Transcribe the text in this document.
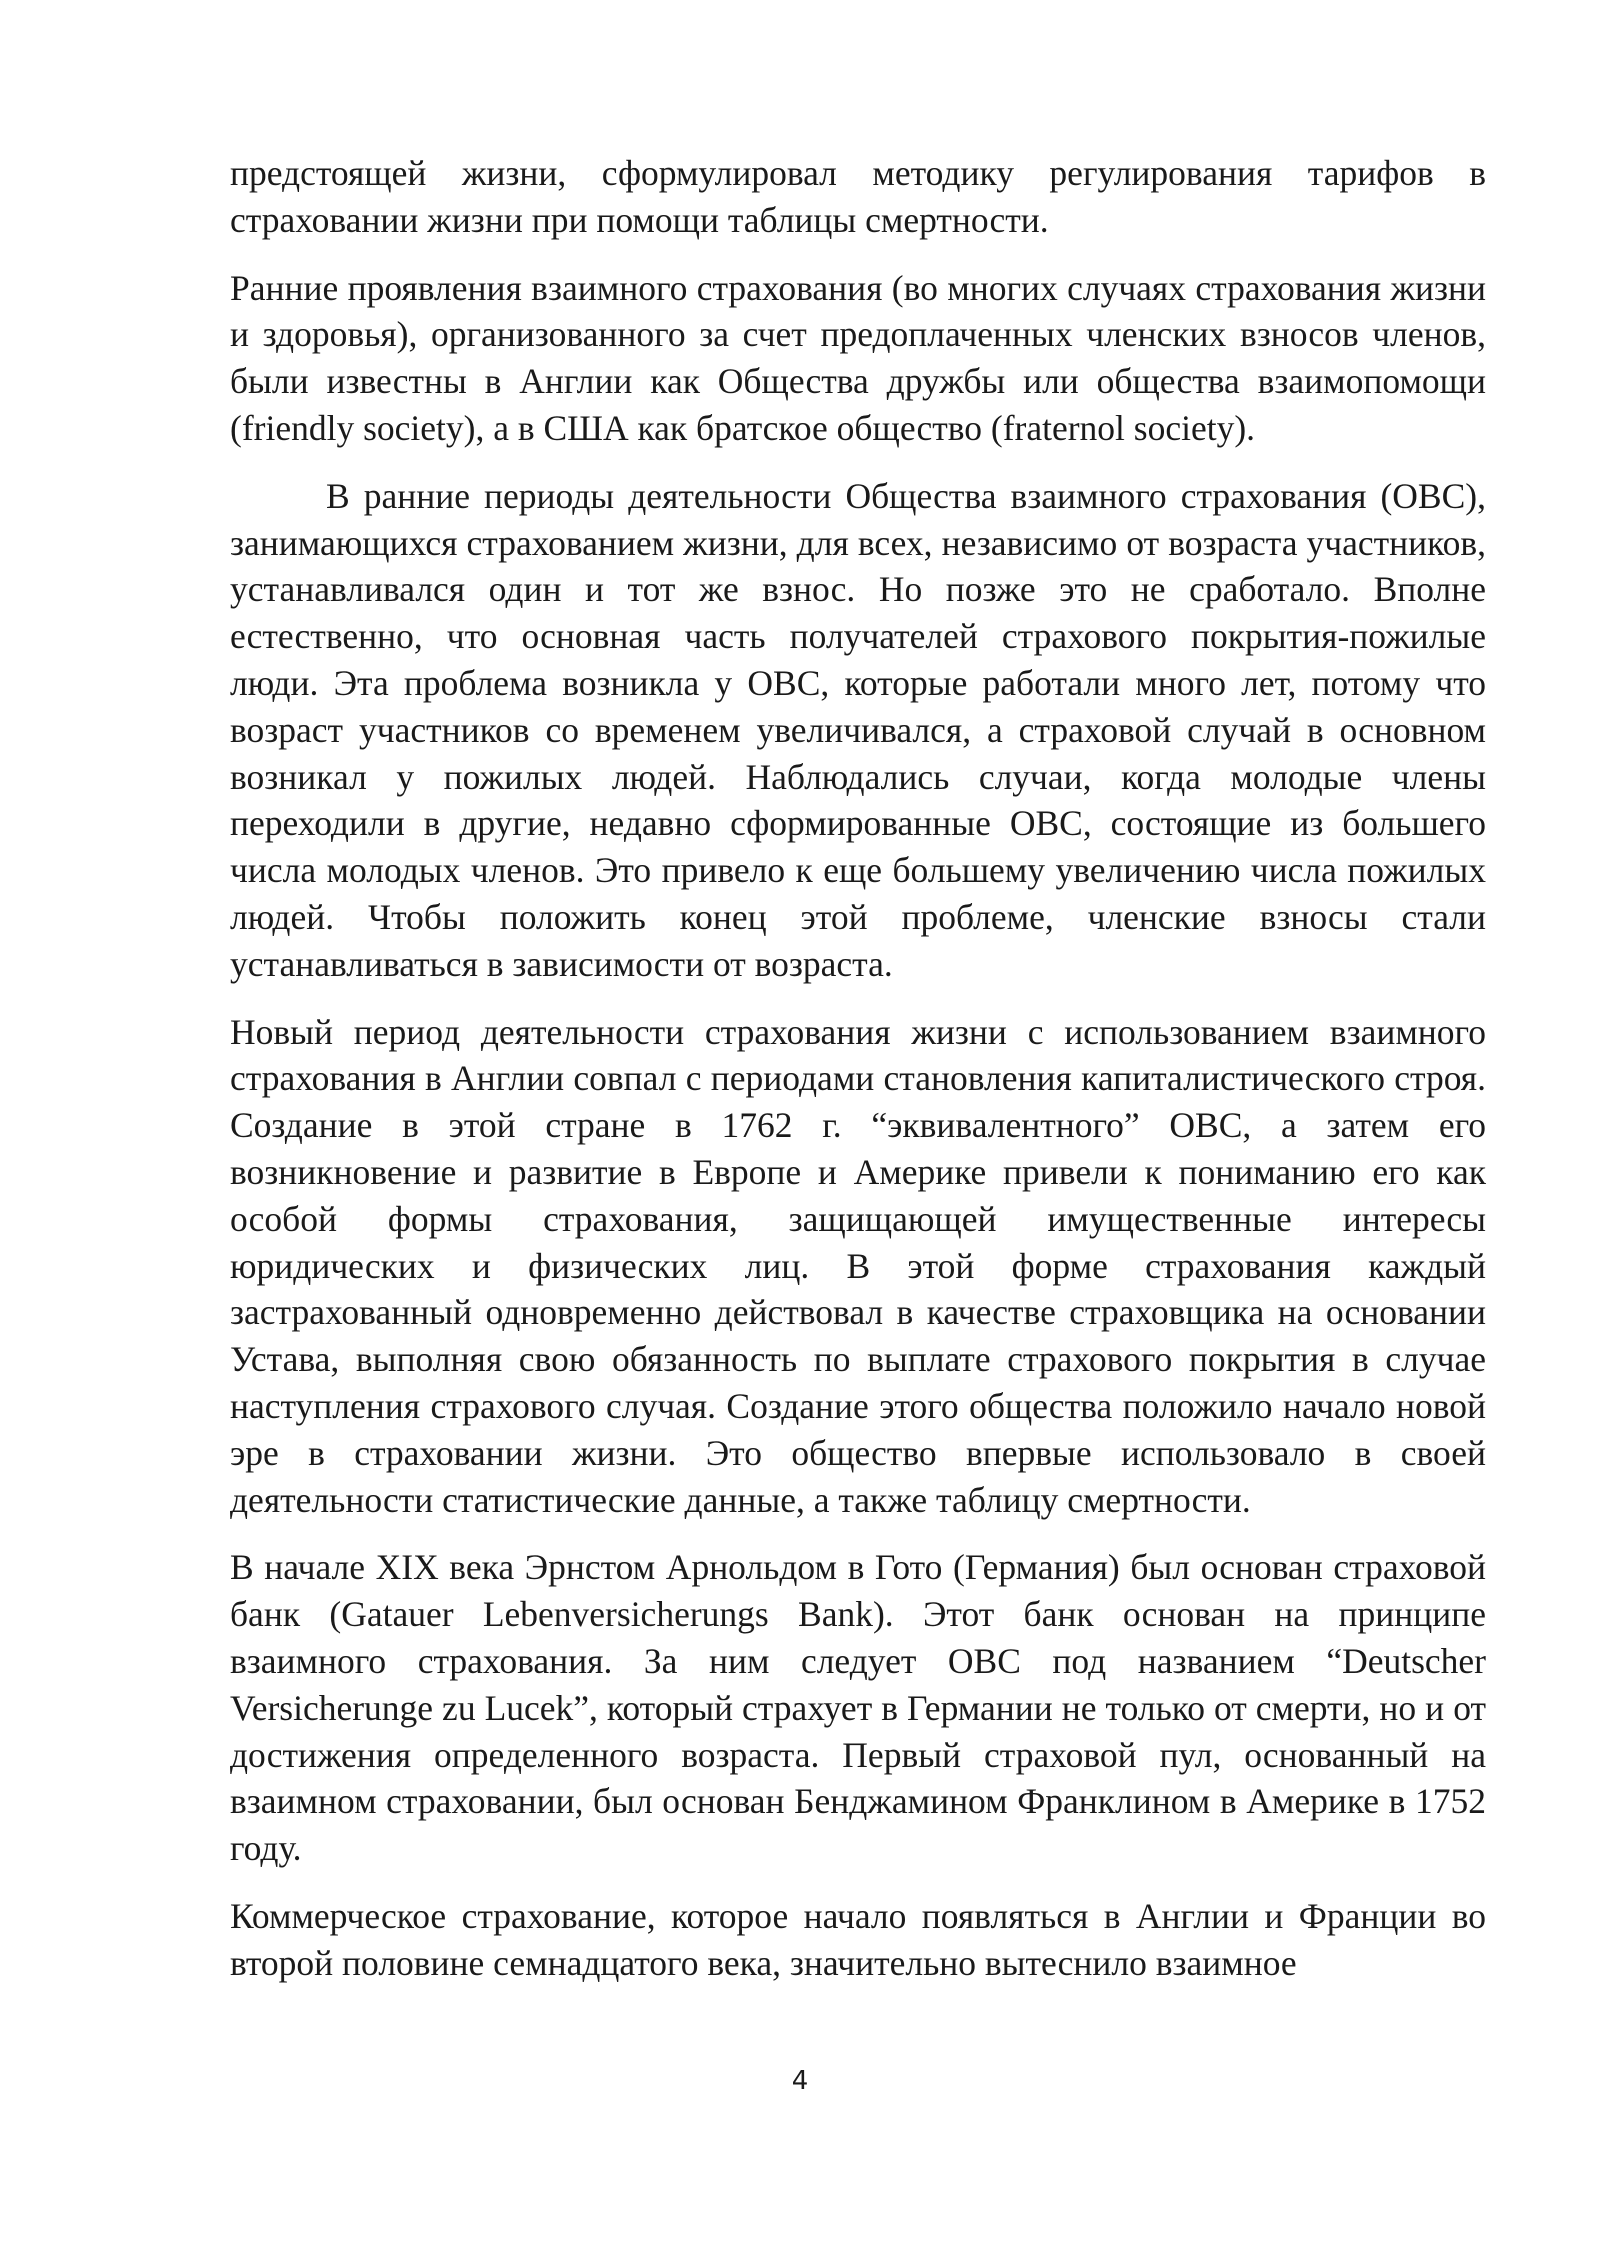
предстоящей жизни, сформулировал методику регулирования тарифов в страховании жизни при помощи таблицы смертности.

Ранние проявления взаимного страхования (во многих случаях страхования жизни и здоровья), организованного за счет предоплаченных членских взносов членов, были известны в Англии как Общества дружбы или общества взаимопомощи (friendly society), а в США как братское общество (fraternol society).

В ранние периоды деятельности Общества взаимного страхования (ОВС), занимающихся страхованием жизни, для всех, независимо от возраста участников, устанавливался один и тот же взнос. Но позже это не сработало. Вполне естественно, что основная часть получателей страхового покрытия-пожилые люди. Эта проблема возникла у ОВС, которые работали много лет, потому что возраст участников со временем увеличивался, а страховой случай в основном возникал у пожилых людей. Наблюдались случаи, когда молодые члены переходили в другие, недавно сформированные ОВС, состоящие из большего числа молодых членов. Это привело к еще большему увеличению числа пожилых людей. Чтобы положить конец этой проблеме, членские взносы стали устанавливаться в зависимости от возраста.

Новый период деятельности страхования жизни с использованием взаимного страхования в Англии совпал с периодами становления капиталистического строя. Создание в этой стране в 1762 г. “эквивалентного” ОВС, а затем его возникновение и развитие в Европе и Америке привели к пониманию его как особой формы страхования, защищающей имущественные интересы юридических и физических лиц. В этой форме страхования каждый застрахованный одновременно действовал в качестве страховщика на основании Устава, выполняя свою обязанность по выплате страхового покрытия в случае наступления страхового случая. Создание этого общества положило начало новой эре в страховании жизни. Это общество впервые использовало в своей деятельности статистические данные, а также таблицу смертности.

В начале XIX века Эрнстом Арнольдом в Гото (Германия) был основан страховой банк (Gatauer Lebenversicherungs Bank). Этот банк основан на принципе взаимного страхования. За ним следует ОВС под названием “Deutscher Versicherunge zu Lucek”, который страхует в Германии не только от смерти, но и от достижения определенного возраста. Первый страховой пул, основанный на взаимном страховании, был основан Бенджамином Франклином в Америке в 1752 году.

Коммерческое страхование, которое начало появляться в Англии и Франции во второй половине семнадцатого века, значительно вытеснило взаимное

4
